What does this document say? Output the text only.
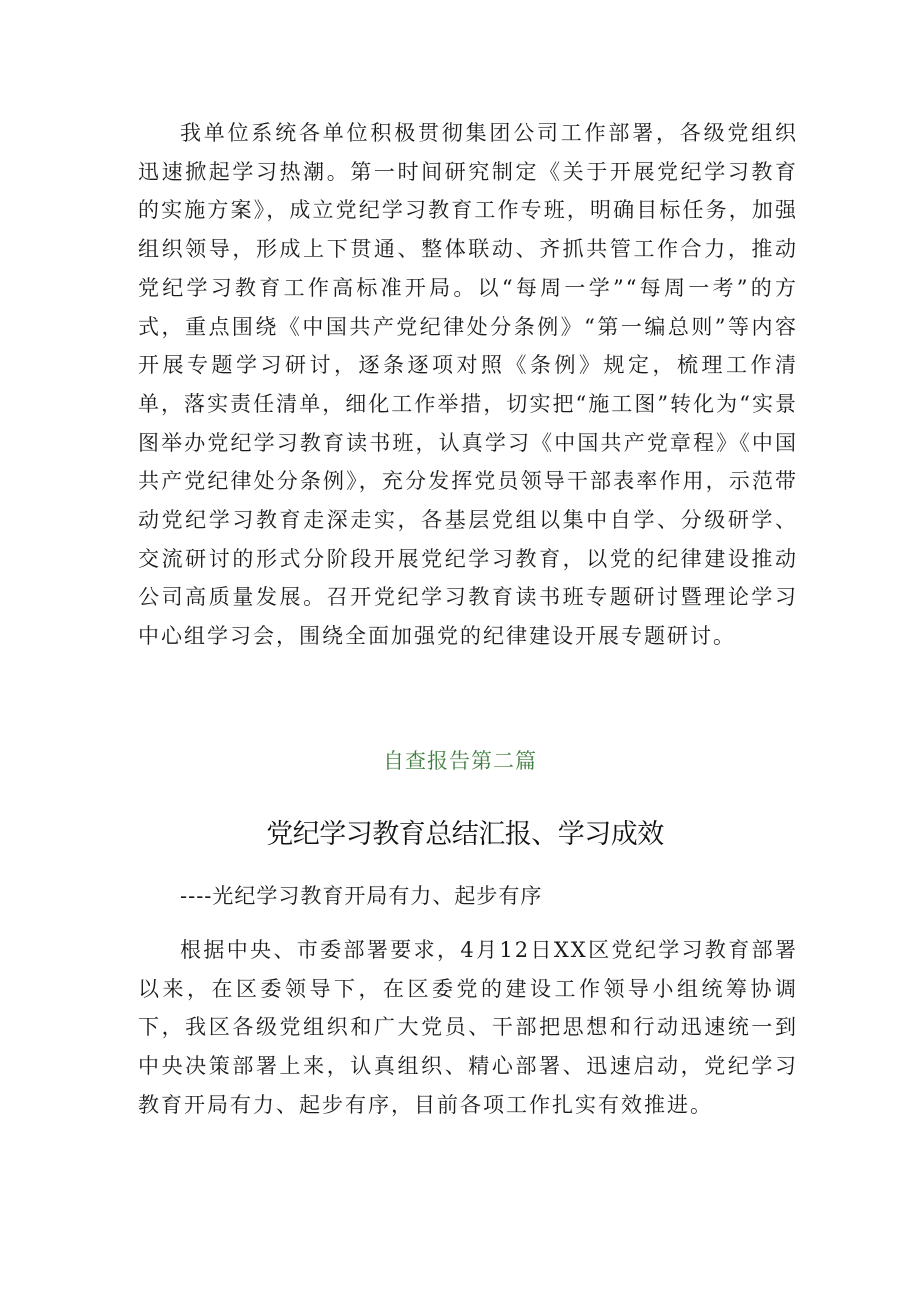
我单位系统各单位积极贯彻集团公司工作部署，各级党组织迅速掀起学习热潮。第一时间研究制定《关于开展党纪学习教育的实施方案》，成立党纪学习教育工作专班，明确目标任务，加强组织领导，形成上下贯通、整体联动、齐抓共管工作合力，推动党纪学习教育工作高标准开局。以“每周一学”“每周一考”的方式，重点围绕《中国共产党纪律处分条例》“第一编总则”等内容开展专题学习研讨，逐条逐项对照《条例》规定，梳理工作清单，落实责任清单，细化工作举措，切实把“施工图”转化为“实景图举办党纪学习教育读书班，认真学习《中国共产党章程》《中国共产党纪律处分条例》，充分发挥党员领导干部表率作用，示范带动党纪学习教育走深走实，各基层党组以集中自学、分级研学、交流研讨的形式分阶段开展党纪学习教育，以党的纪律建设推动公司高质量发展。召开党纪学习教育读书班专题研讨暨理论学习中心组学习会，围绕全面加强党的纪律建设开展专题研讨。

自查报告第二篇
党纪学习教育总结汇报、学习成效
----光纪学习教育开局有力、起步有序

根据中央、市委部署要求，4月12日XX区党纪学习教育部署以来，在区委领导下，在区委党的建设工作领导小组统筹协调下，我区各级党组织和广大党员、干部把思想和行动迅速统一到中央决策部署上来，认真组织、精心部署、迅速启动，党纪学习教育开局有力、起步有序，目前各项工作扎实有效推进。
